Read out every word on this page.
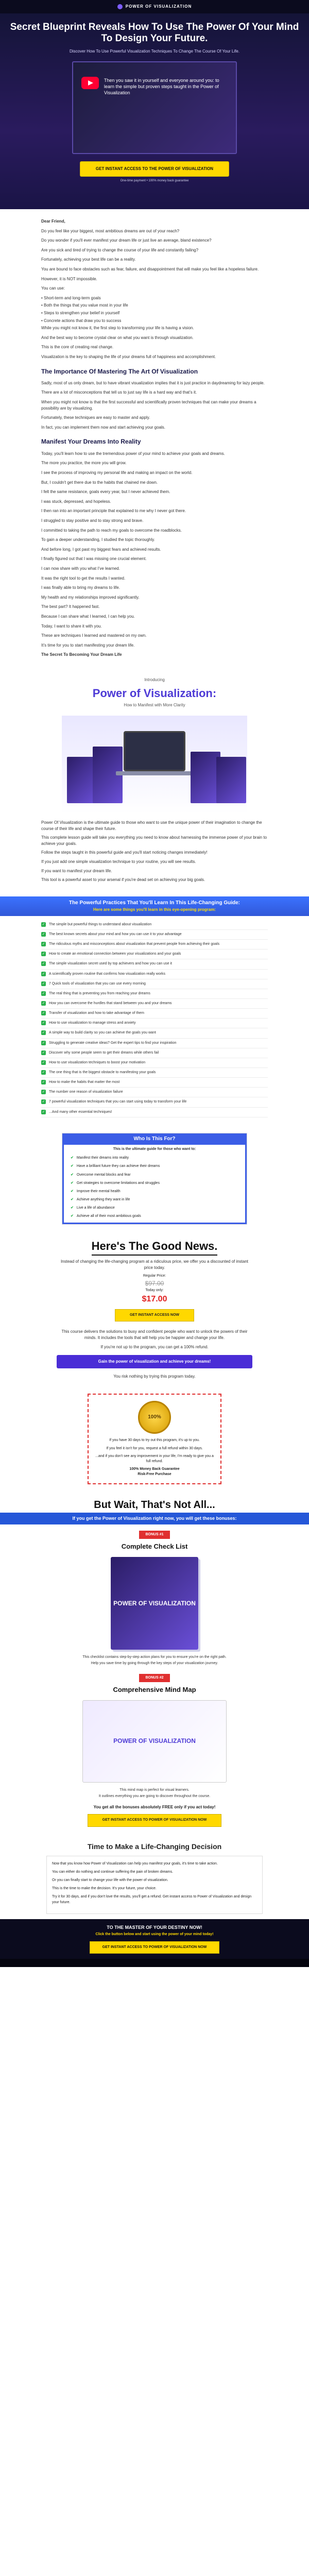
POWER OF VISUALIZATION
Secret Blueprint Reveals How To Use The Power Of Your Mind To Design Your Future.
Discover How To Use Powerful Visualization Techniques To Change The Course Of Your Life.
Then you saw it in yourself and everyone around you: to learn the simple but proven steps taught in the Power of Visualization
GET INSTANT ACCESS TO THE POWER OF VISUALIZATION
One-time payment • 100% money back guarantee

Dear Friend,

Do you feel like your biggest, most ambitious dreams are out of your reach?

Do you wonder if you'll ever manifest your dream life or just live an average, bland existence?

Are you sick and tired of trying to change the course of your life and constantly failing?

Fortunately, achieving your best life can be a reality.

You are bound to face obstacles such as fear, failure, and disappointment that will make you feel like a hopeless failure.

However, it is NOT impossible.

You can use:

• Short-term and long-term goals

• Both the things that you value most in your life

• Steps to strengthen your belief in yourself

• Concrete actions that draw you to success

While you might not know it, the first step to transforming your life is having a vision.

And the best way to become crystal clear on what you want is through visualization.

This is the core of creating real change.

Visualization is the key to shaping the life of your dreams full of happiness and accomplishment.

The Importance Of Mastering The Art Of Visualization

Sadly, most of us only dream, but to have vibrant visualization implies that it is just practice in daydreaming for lazy people.

There are a lot of misconceptions that tell us to just say life is a hard way and that’s it.

When you might not know is that the first successful and scientifically proven techniques that can make your dreams a possibility are by visualizing.

Fortunately, these techniques are easy to master and apply.

In fact, you can implement them now and start achieving your goals.

Manifest Your Dreams Into Reality

Today, you'll learn how to use the tremendous power of your mind to achieve your goals and dreams.

The more you practice, the more you will grow.

I see the process of improving my personal life and making an impact on the world.

But, I couldn't get there due to the habits that chained me down.

I felt the same resistance, goals every year, but I never achieved them.

I was stuck, depressed, and hopeless.

I then ran into an important principle that explained to me why I never got there.

I struggled to stay positive and to stay strong and brave.

I committed to taking the path to reach my goals to overcome the roadblocks.

To gain a deeper understanding, I studied the topic thoroughly.

And before long, I got past my biggest fears and achieved results.

I finally figured out that I was missing one crucial element.

I can now share with you what I’ve learned.

It was the right tool to get the results I wanted.

I was finally able to bring my dreams to life.

My health and my relationships improved significantly.

The best part? It happened fast.

Because I can share what I learned, I can help you.

Today, I want to share it with you.

These are techniques I learned and mastered on my own.

It’s time for you to start manifesting your dream life.

The Secret To Becoming Your Dream Life

Introducing
Power of Visualization:
How to Manifest with More Clarity

Power Of Visualization is the ultimate guide to those who want to use the unique power of their imagination to change the course of their life and shape their future.

This complete lesson guide will take you everything you need to know about harnessing the immense power of your brain to achieve your goals.

Follow the steps taught in this powerful guide and you'll start noticing changes immediately!

If you just add one simple visualization technique to your routine, you will see results.

If you want to manifest your dream life.

This tool is a powerful asset to your arsenal if you're dead set on achieving your big goals.

The Powerful Practices That You'll Learn In This Life-Changing Guide:
Here are some things you'll learn in this eye-opening program:
✓ The simple but powerful things to understand about visualization
✓ The best known secrets about your mind and how you can use it to your advantage
✓ The ridiculous myths and misconceptions about visualization that prevent people from achieving their goals
✓ How to create an emotional connection between your visualizations and your goals
✓ The simple visualization secret used by top achievers and how you can use it
✓ A scientifically proven routine that confirms how visualization really works
✓ 7 Quick tools of visualization that you can use every morning
✓ The real thing that is preventing you from reaching your dreams
✓ How you can overcome the hurdles that stand between you and your dreams
✓ Transfer of visualization and how to take advantage of them
✓ How to use visualization to manage stress and anxiety
✓ A simple way to build clarity so you can achieve the goals you want
✓ Struggling to generate creative ideas? Get the expert tips to find your inspiration
✓ Discover why some people seem to get their dreams while others fail
✓ How to use visualization techniques to boost your motivation
✓ The one thing that is the biggest obstacle to manifesting your goals
✓ How to make the habits that matter the most
✓ The number one reason of visualization failure
✓ 7 powerful visualization techniques that you can start using today to transform your life
✓ ...And many other essential techniques!
Who Is This For?
This is the ultimate guide for those who want to:
✔ Manifest their dreams into reality
✔ Have a brilliant future they can achieve their dreams
✔ Overcome mental blocks and fear
✔ Get strategies to overcome limitations and struggles
✔ Improve their mental health
✔ Achieve anything they want in life
✔ Live a life of abundance
✔ Achieve all of their most ambitious goals
Here's The Good News.

Instead of changing the life-changing program at a ridiculous price, we offer you a discounted of instant price today.

Regular Price:
$97.00
Today only:
$17.00
GET INSTANT ACCESS NOW

This course delivers the solutions to busy and confident people who want to unlock the powers of their minds. It includes the tools that will help you be happier and change your life.

If you're not up to the program, you can get a 100% refund.

Gain the power of visualization and achieve your dreams!

You risk nothing by trying this program today.

100%

If you have 30 days to try out this program, it's up to you.

If you feel it isn't for you, request a full refund within 30 days.

...and if you don't see any improvement in your life, I'm ready to give you a full refund.

100% Money Back Guarantee

Risk-Free Purchase

But Wait, That's Not All...
If you get the Power of Visualization right now, you will get these bonuses:
BONUS #1
Complete Check List
POWER OF VISUALIZATION

This checklist contains step-by-step action plans for you to ensure you're on the right path.

Help you save time by going through the key steps of your visualization journey.

BONUS #2
Comprehensive Mind Map
POWER OF VISUALIZATION

This mind map is perfect for visual learners.

It outlines everything you are going to discover throughout the course.

You get all the bonuses absolutely FREE only if you act today!

GET INSTANT ACCESS TO POWER OF VISUALIZATION NOW
Time to Make a Life-Changing Decision

Now that you know how Power of Visualization can help you manifest your goals, it's time to take action.

You can either do nothing and continue suffering the pain of broken dreams.

Or you can finally start to change your life with the power of visualization.

This is the time to make the decision. It's your future, your choice.

Try it for 30 days, and if you don't love the results, you'll get a refund. Get instant access to Power of Visualization and design your future.

TO THE MASTER OF YOUR DESTINY NOW!
Click the button below and start using the power of your mind today!
GET INSTANT ACCESS TO POWER OF VISUALIZATION NOW
